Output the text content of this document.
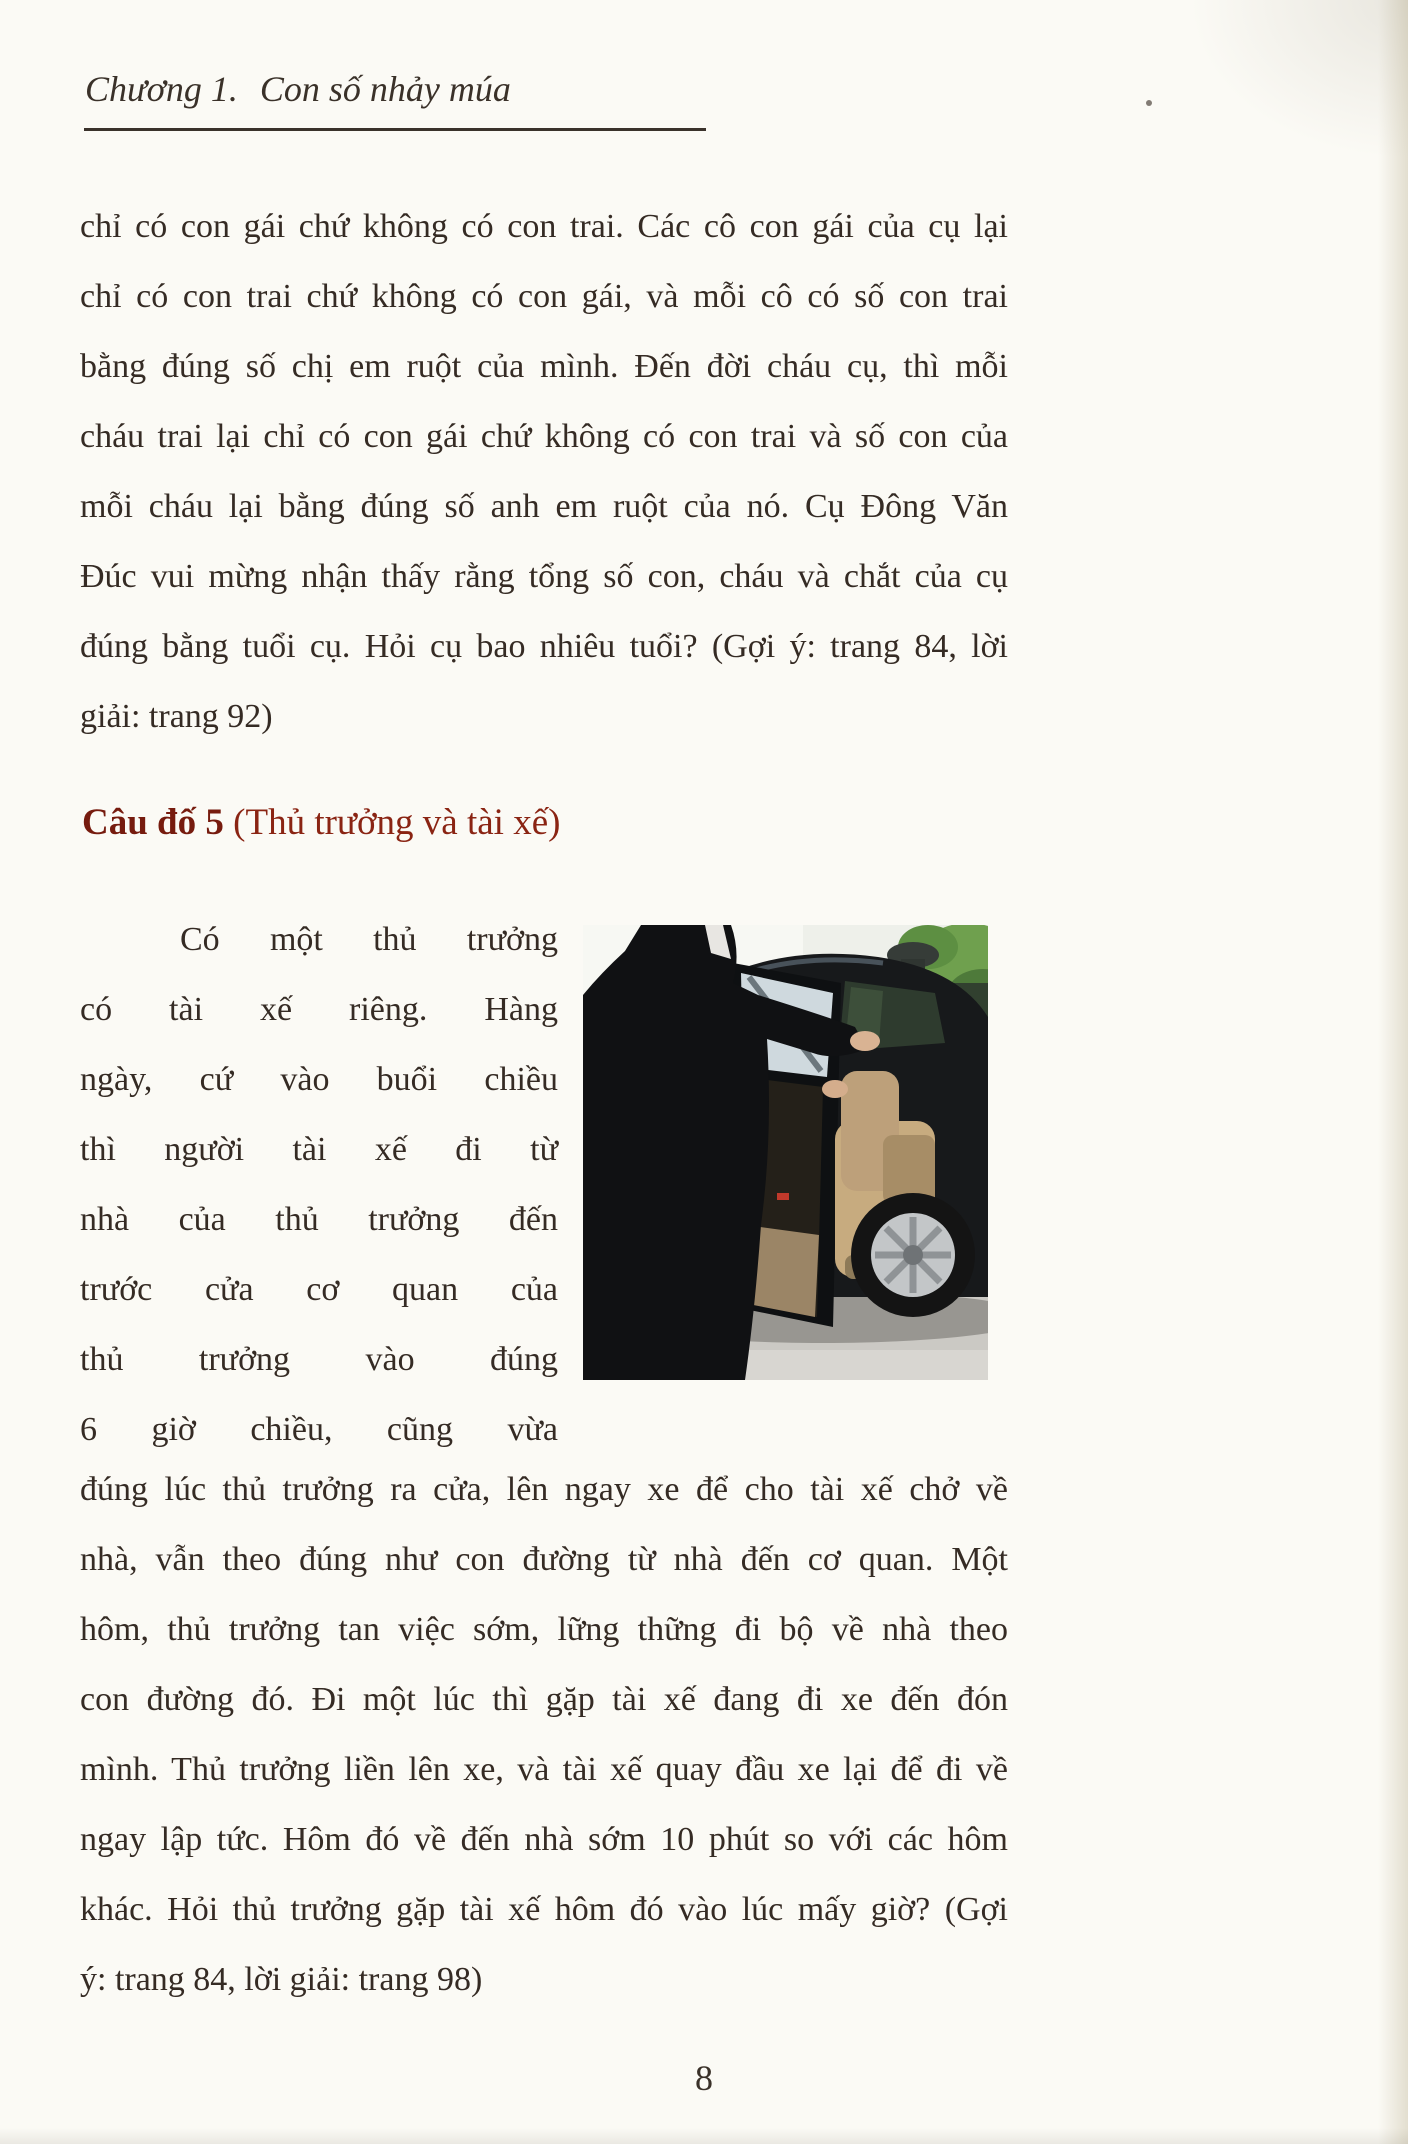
Chương 1. Con số nhảy múa
chỉ có con gái chứ không có con trai. Các cô con gái của cụ lại
chỉ có con trai chứ không có con gái, và mỗi cô có số con trai
bằng đúng số chị em ruột của mình. Đến đời cháu cụ, thì mỗi
cháu trai lại chỉ có con gái chứ không có con trai và số con của
mỗi cháu lại bằng đúng số anh em ruột của nó. Cụ Đông Văn
Đúc vui mừng nhận thấy rằng tổng số con, cháu và chắt của cụ
đúng bằng tuổi cụ. Hỏi cụ bao nhiêu tuổi? (Gợi ý: trang 84, lời
giải: trang 92)
Câu đố 5 (Thủ trưởng và tài xế)
Có một thủ trưởng
có tài xế riêng. Hàng
ngày, cứ vào buổi chiều
thì người tài xế đi từ
nhà của thủ trưởng đến
trước cửa cơ quan của
thủ trưởng vào đúng
6 giờ chiều, cũng vừa
đúng lúc thủ trưởng ra cửa, lên ngay xe để cho tài xế chở về
nhà, vẫn theo đúng như con đường từ nhà đến cơ quan. Một
hôm, thủ trưởng tan việc sớm, lững thững đi bộ về nhà theo
con đường đó. Đi một lúc thì gặp tài xế đang đi xe đến đón
mình. Thủ trưởng liền lên xe, và tài xế quay đầu xe lại để đi về
ngay lập tức. Hôm đó về đến nhà sớm 10 phút so với các hôm
khác. Hỏi thủ trưởng gặp tài xế hôm đó vào lúc mấy giờ? (Gợi
ý: trang 84, lời giải: trang 98)
8
